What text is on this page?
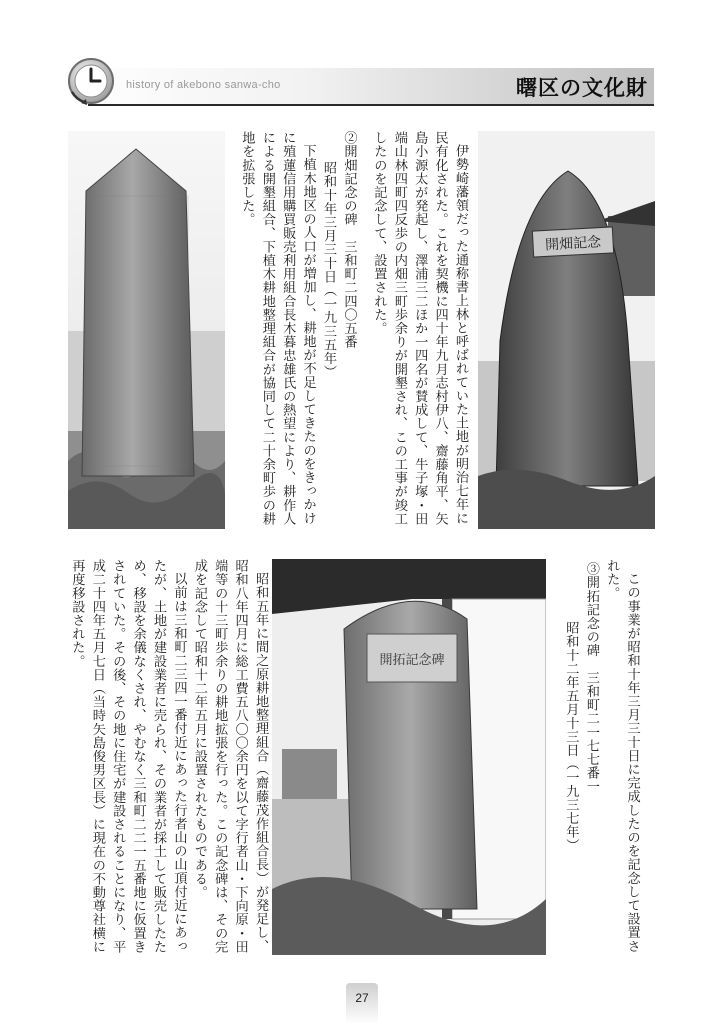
history of akebono sanwa-cho	曙区の文化財

②開畑記念の碑　三和町二四〇五番

昭和十年三月三十日（一九三五年）

下植木地区の人口が増加し、耕地が不足してきたのをきっかけに殖蓮信用購買販売利用組合長木暮忠雄氏の熱望により、耕作人による開墾組合、下植木耕地整理組合が協同して二十余町歩の耕地を拡張した。	伊勢崎藩領だった通称書上林と呼ばれていた土地が明治七年に民有化された。これを契機に四十年九月志村伊八、齋藤角平、矢島小源太が発起し、澤浦三二ほか一四名が賛成して、牛子塚・田端山林四町四反歩の内畑三町歩余りが開墾され、この工事が竣工したのを記念して、設置された。	開畑記念

この事業が昭和十年三月三十日に完成したのを記念して設置された。

③開拓記念の碑　三和町二一七七番一

昭和十二年五月十三日（一九三七年）

開拓記念碑

昭和五年に間之原耕地整理組合（齋藤茂作組合長）が発足し、昭和八年四月に総工費五八〇〇余円を以て字行者山・下向原・田端等の十三町歩余りの耕地拡張を行った。この記念碑は、その完成を記念して昭和十二年五月に設置されたものである。

以前は三和町二三四一番付近にあった行者山の山頂付近にあったが、土地が建設業者に売られ、その業者が採土して販売したため、移設を余儀なくされ、やむなく三和町二二一五番地に仮置きされていた。その後、その地に住宅が建設されることになり、平成二十四年五月七日（当時矢島俊男区長）に現在の不動尊社横に再度移設された。

27
